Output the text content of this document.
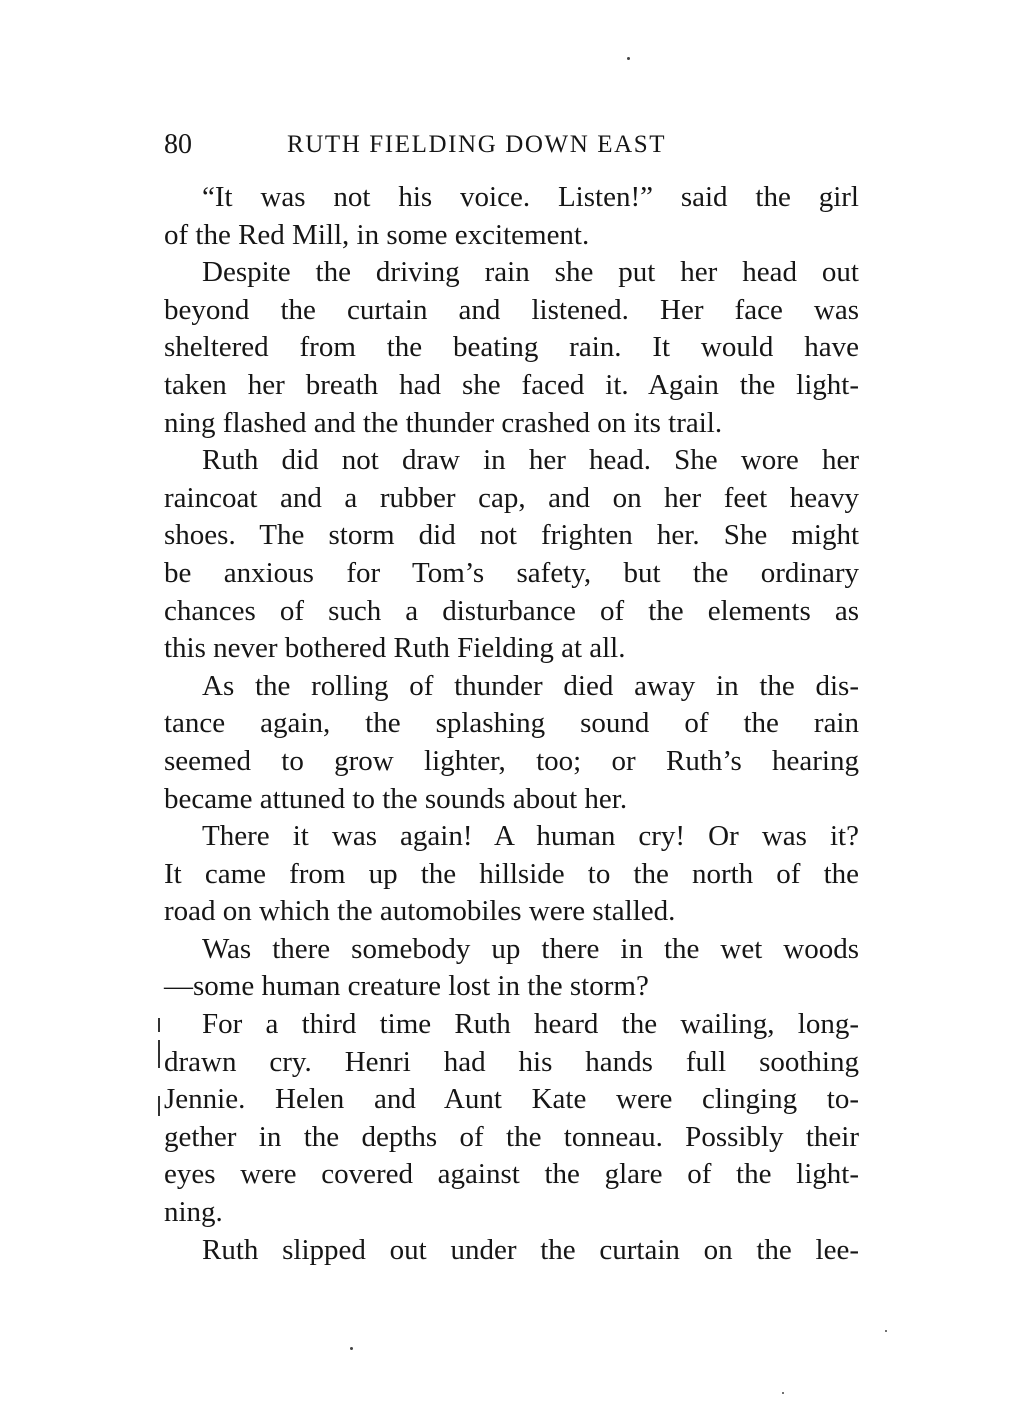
80	RUTH FIELDING DOWN EAST
“It was not his voice. Listen!” said the girl
of the Red Mill, in some excitement.
Despite the driving rain she put her head out
beyond the curtain and listened. Her face was
sheltered from the beating rain. It would have
taken her breath had she faced it. Again the light-
ning flashed and the thunder crashed on its trail.
Ruth did not draw in her head. She wore her
raincoat and a rubber cap, and on her feet heavy
shoes. The storm did not frighten her. She might
be anxious for Tom’s safety, but the ordinary
chances of such a disturbance of the elements as
this never bothered Ruth Fielding at all.
As the rolling of thunder died away in the dis-
tance again, the splashing sound of the rain
seemed to grow lighter, too; or Ruth’s hearing
became attuned to the sounds about her.
There it was again! A human cry! Or was it?
It came from up the hillside to the north of the
road on which the automobiles were stalled.
Was there somebody up there in the wet woods
—some human creature lost in the storm?
For a third time Ruth heard the wailing, long-
drawn cry. Henri had his hands full soothing
Jennie. Helen and Aunt Kate were clinging to-
gether in the depths of the tonneau. Possibly their
eyes were covered against the glare of the light-
ning.
Ruth slipped out under the curtain on the lee-
